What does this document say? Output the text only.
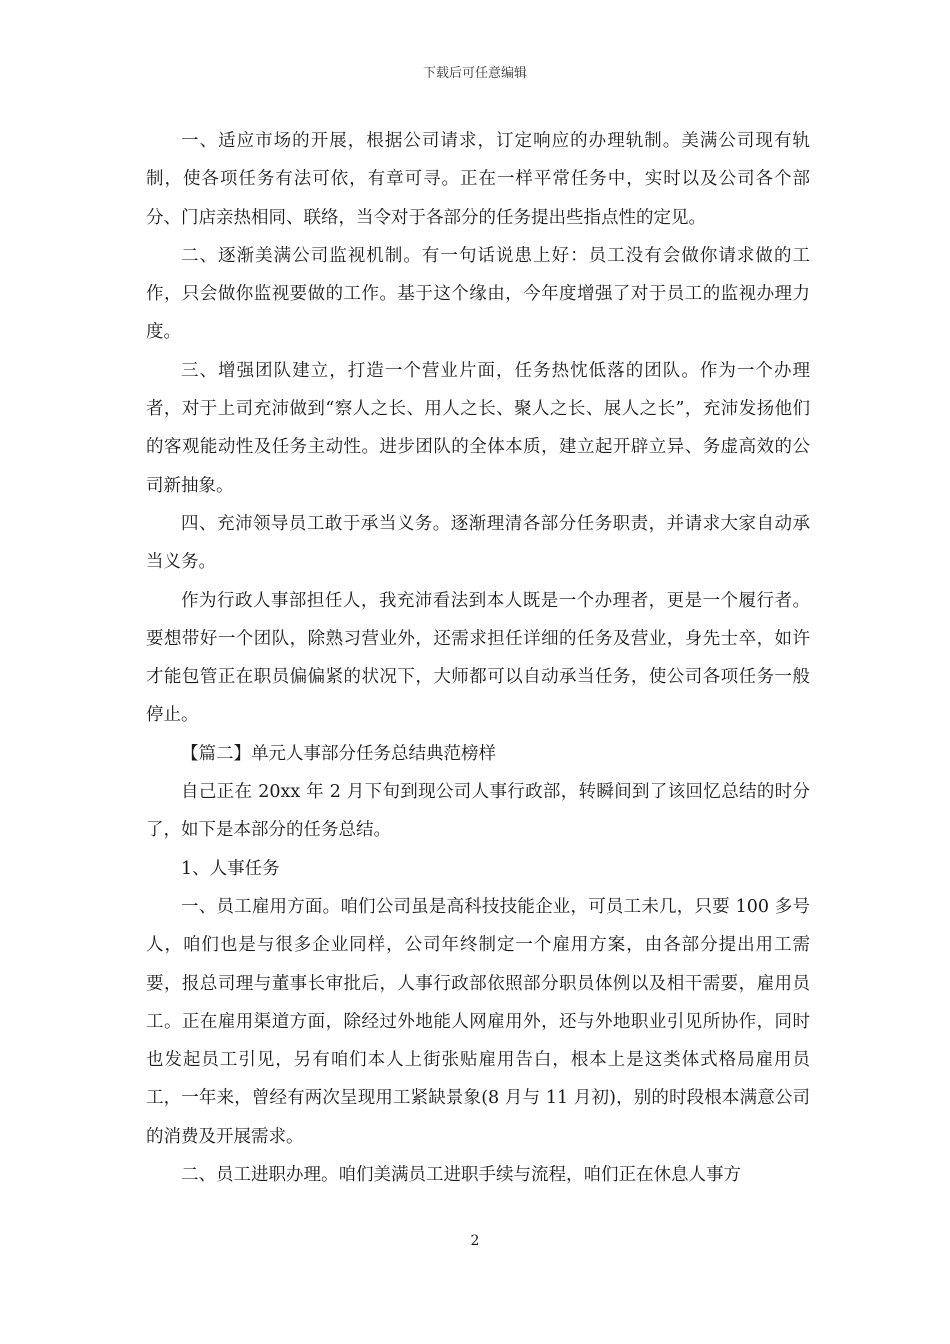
下载后可任意编辑

一、适应市场的开展，根据公司请求，订定响应的办理轨制。美满公司现有轨制，使各项任务有法可依，有章可寻。正在一样平常任务中，实时以及公司各个部分、门店亲热相同、联络，当令对于各部分的任务提出些指点性的定见。

二、逐渐美满公司监视机制。有一句话说患上好：员工没有会做你请求做的工作，只会做你监视要做的工作。基于这个缘由，今年度增强了对于员工的监视办理力度。

三、增强团队建立，打造一个营业片面，任务热忱低落的团队。作为一个办理者，对于上司充沛做到“察人之长、用人之长、聚人之长、展人之长”，充沛发扬他们的客观能动性及任务主动性。进步团队的全体本质，建立起开辟立异、务虚高效的公司新抽象。

四、充沛领导员工敢于承当义务。逐渐理清各部分任务职责，并请求大家自动承当义务。

作为行政人事部担任人，我充沛看法到本人既是一个办理者，更是一个履行者。要想带好一个团队，除熟习营业外，还需求担任详细的任务及营业，身先士卒，如许才能包管正在职员偏偏紧的状况下，大师都可以自动承当任务，使公司各项任务一般停止。

【篇二】单元人事部分任务总结典范榜样

自己正在 20xx 年 2 月下旬到现公司人事行政部，转瞬间到了该回忆总结的时分了，如下是本部分的任务总结。

1、人事任务

一、员工雇用方面。咱们公司虽是高科技技能企业，可员工未几，只要 100 多号人，咱们也是与很多企业同样，公司年终制定一个雇用方案，由各部分提出用工需要，报总司理与董事长审批后，人事行政部依照部分职员体例以及相干需要，雇用员工。正在雇用渠道方面，除经过外地能人网雇用外，还与外地职业引见所协作，同时也发起员工引见，另有咱们本人上街张贴雇用告白，根本上是这类体式格局雇用员工，一年来，曾经有两次呈现用工紧缺景象(8 月与 11 月初)，别的时段根本满意公司的消费及开展需求。

二、员工进职办理。咱们美满员工进职手续与流程，咱们正在休息人事方

2
